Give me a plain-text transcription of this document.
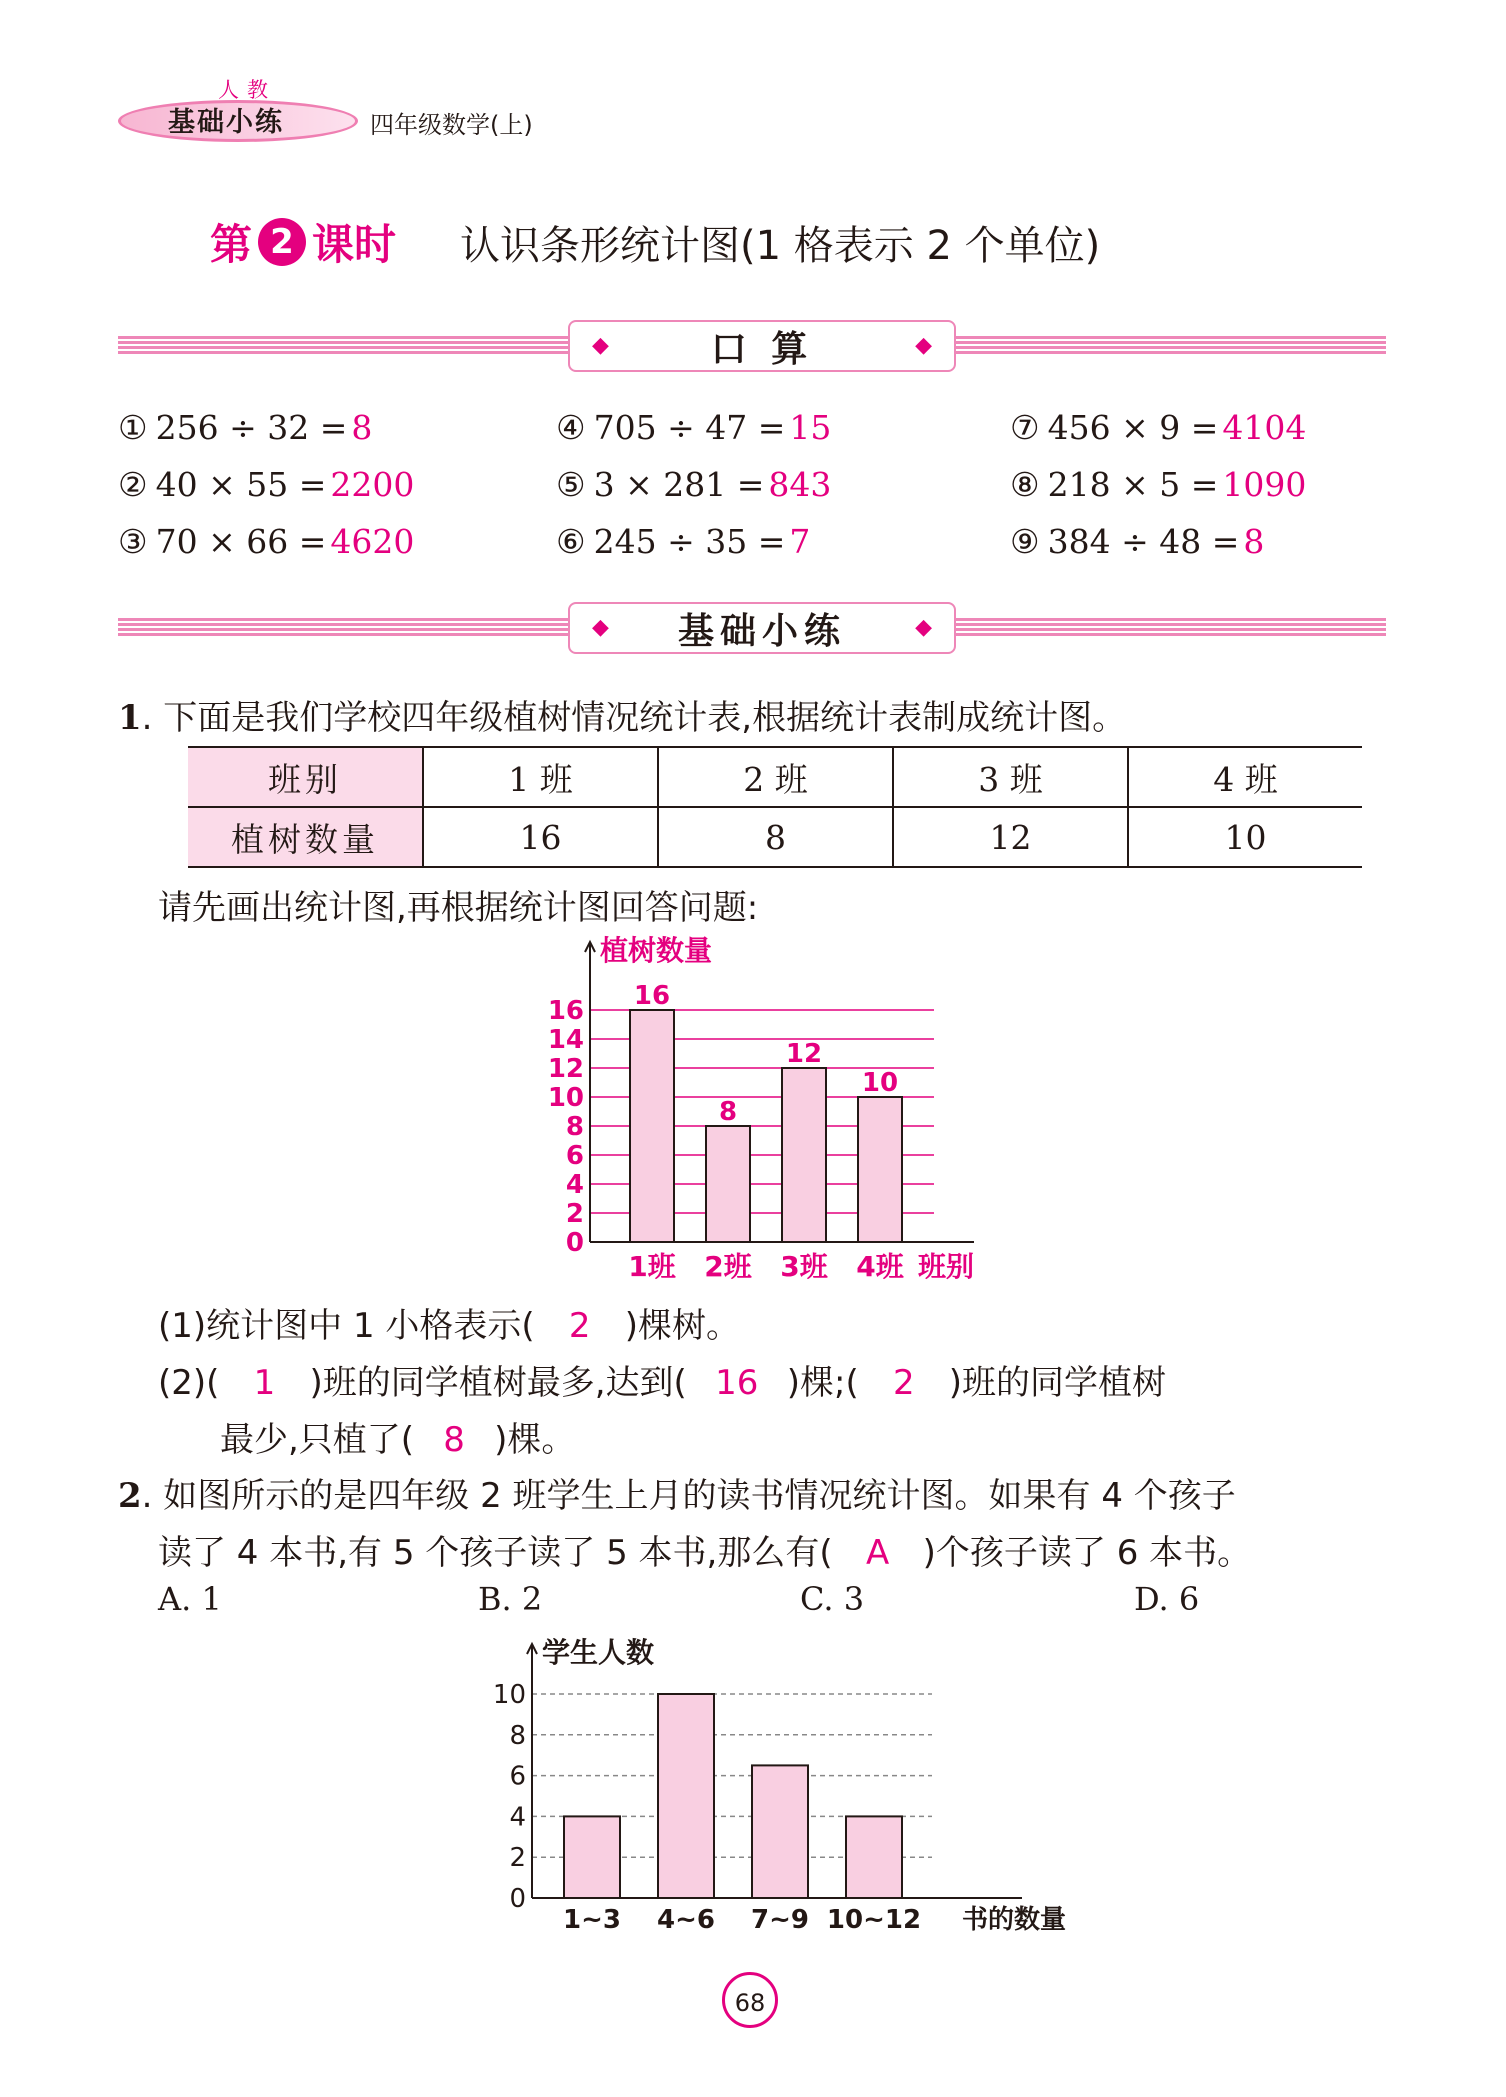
人教
基础小练	四年级数学(上)
第 2 课时 认识条形统计图(1 格表示 2 个单位)
◆	口 算	◆
① 256 ÷ 32 = 8
② 40 × 55 = 2200
③ 70 × 66 = 4620
④ 705 ÷ 47 = 15
⑤ 3 × 281 = 843
⑥ 245 ÷ 35 = 7
⑦ 456 × 9 = 4104
⑧ 218 × 5 = 1090
⑨ 384 ÷ 48 = 8
◆ 基础小练	◆
1. 下面是我们学校四年级植树情况统计表,根据统计表制成统计图。
班别	1 班	2 班	3 班	4 班
植树数量	16	8	12	10
请先画出统计图,再根据统计图回答问题:
0
2
4
6
8
10
12
14
16
植树数量
16
1班
8
2班
12
3班
10
4班 班别
(1)统计图中 1 小格表示( 2 )棵树。
(2)( 1 )班的同学植树最多,达到( 16 )棵;( 2 )班的同学植树
最少,只植了( 8 )棵。
2. 如图所示的是四年级 2 班学生上月的读书情况统计图。如果有 4 个孩子
读了 4 本书,有 5 个孩子读了 5 本书,那么有( A )个孩子读了 6 本书。
A. 1	B. 2	C. 3	D. 6
0
2
4
6
8
10
学生人数
1~3 4~6 7~9 10~12 书的数量
68
